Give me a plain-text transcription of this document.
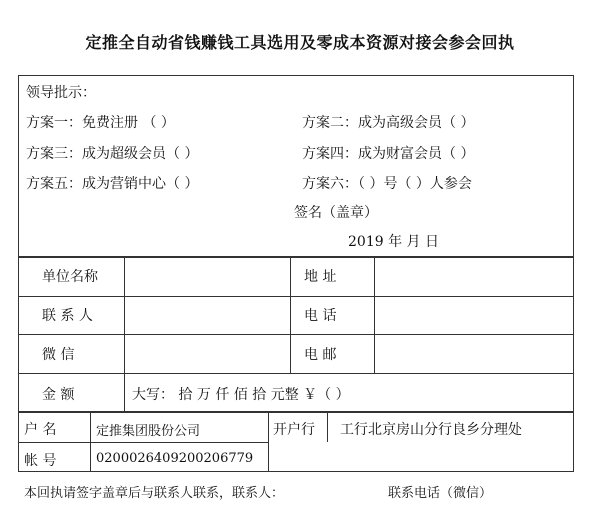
定推全自动省钱赚钱工具选用及零成本资源对接会参会回执
领导批示：
方案一：免费注册 （ ）	方案二：成为高级会员（ ）
方案三：成为超级会员（ ）	方案四：成为财富会员（ ）
方案五：成为营销中心（ ）	方案六：（ ）号（ ）人参会
签名（盖章）
2019 年 月 日
单位名称	地 址
联 系 人	电 话
微 信	电 邮
金 额	大写： 拾 万 仟 佰 拾 元整 ￥（ ）
户 名	定推集团股份公司	开户行 工行北京房山分行良乡分理处
帐 号	0200026409200206779
本回执请签字盖章后与联系人联系，联系人：	联系电话（微信）
